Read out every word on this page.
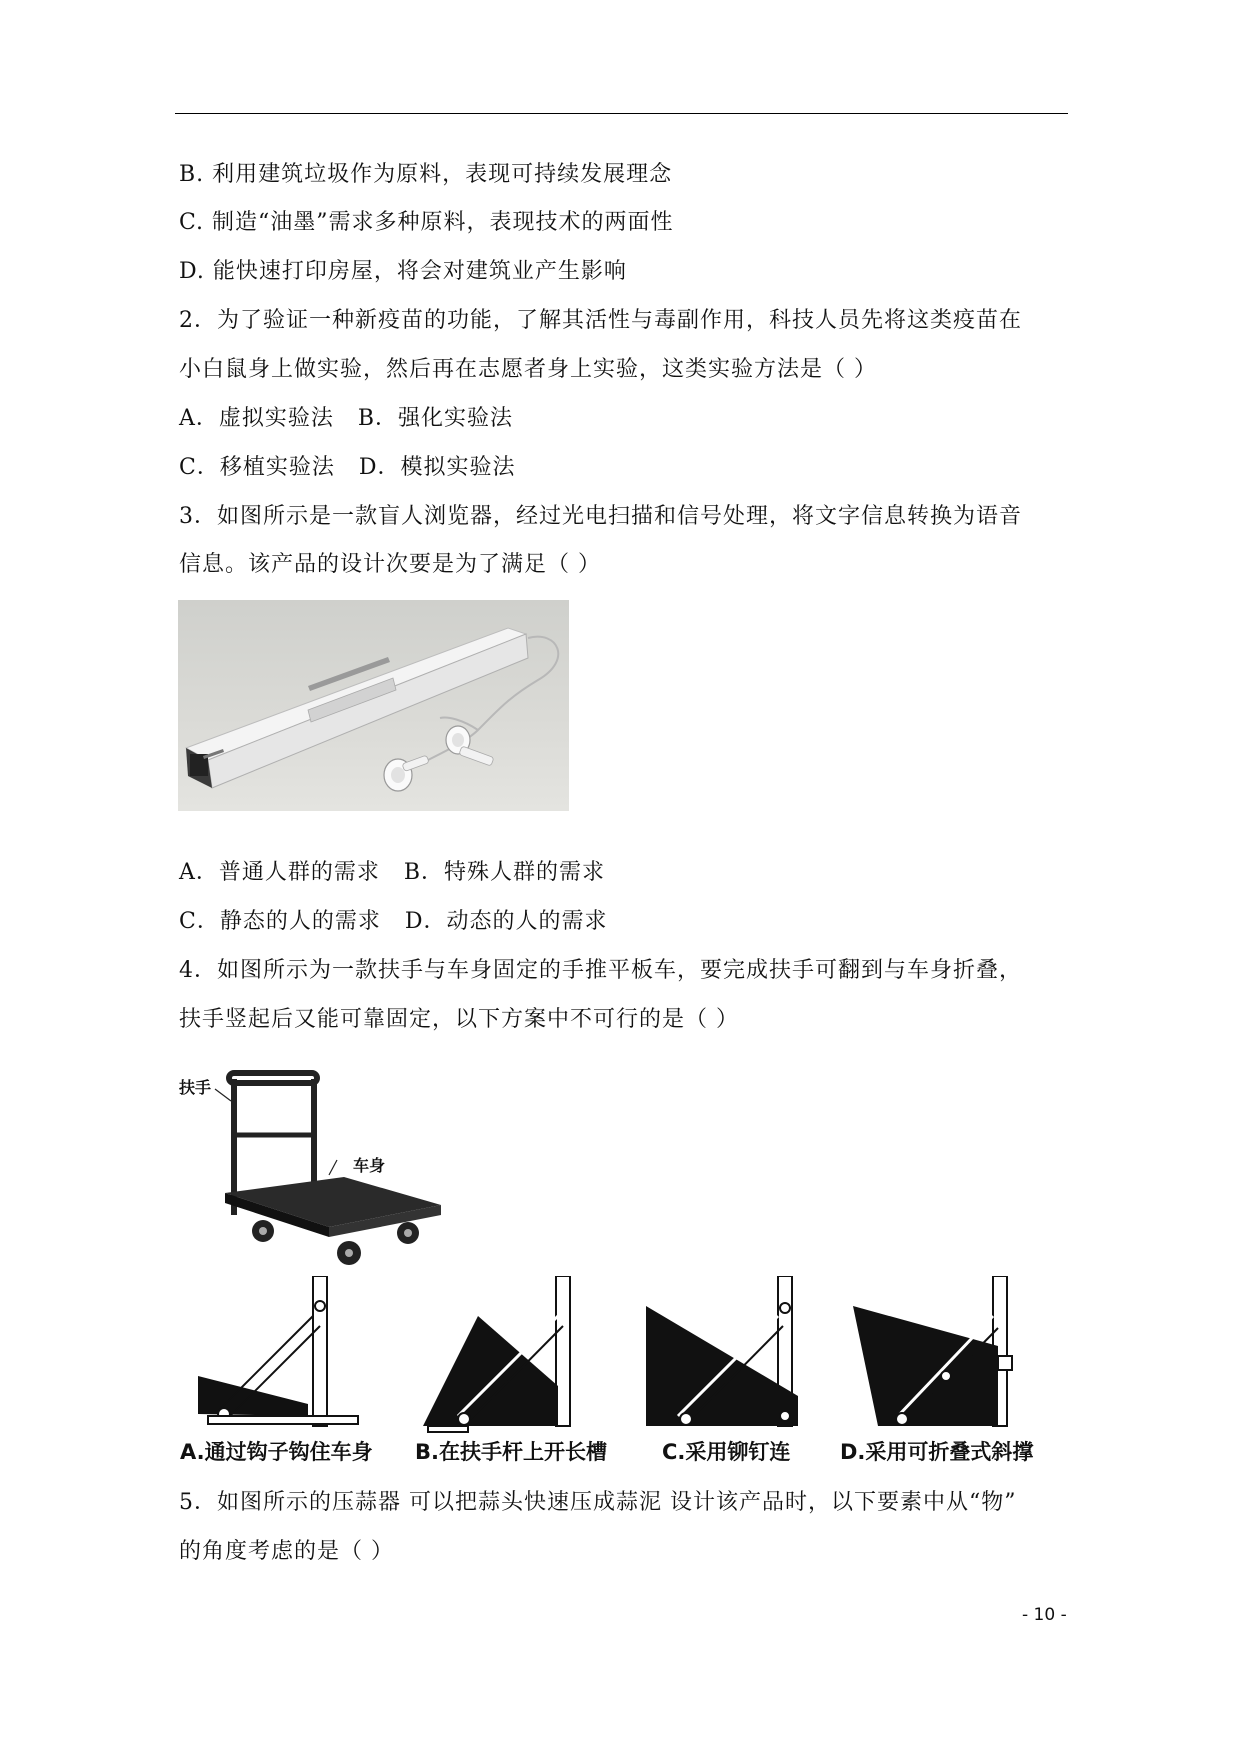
B. 利用建筑垃圾作为原料，表现可持续发展理念
C. 制造“油墨”需求多种原料，表现技术的两面性
D. 能快速打印房屋，将会对建筑业产生影响
2．为了验证一种新疫苗的功能，了解其活性与毒副作用，科技人员先将这类疫苗在
小白鼠身上做实验，然后再在志愿者身上实验，这类实验方法是（ ）
A．虚拟实验法 B．强化实验法
C．移植实验法 D．模拟实验法
3．如图所示是一款盲人浏览器，经过光电扫描和信号处理，将文字信息转换为语音
信息。该产品的设计次要是为了满足（ ）
A．普通人群的需求 B．特殊人群的需求
C．静态的人的需求 D．动态的人的需求
4．如图所示为一款扶手与车身固定的手推平板车，要完成扶手可翻到与车身折叠，
扶手竖起后又能可靠固定，以下方案中不可行的是（ ）
扶手
车身
A.通过钩子钩住车身 B.在扶手杆上开长槽	C.采用铆钉连 D.采用可折叠式斜撑
5．如图所示的压蒜器 可以把蒜头快速压成蒜泥 设计该产品时，以下要素中从“物”
的角度考虑的是（ ）
- 10 -
